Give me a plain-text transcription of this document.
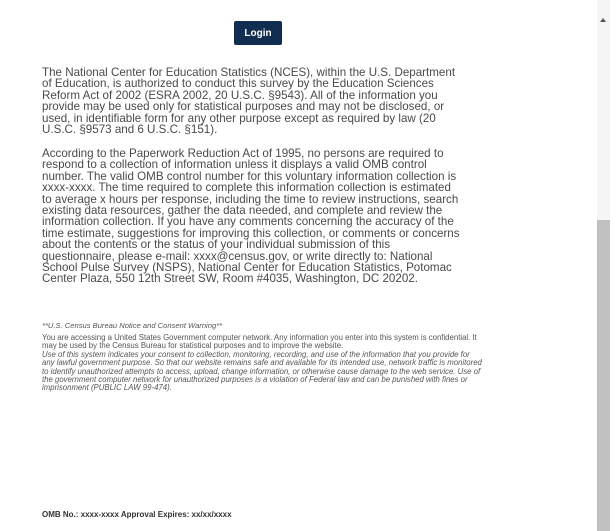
Login

The National Center for Education Statistics (NCES), within the U.S. Department of Education, is authorized to conduct this survey by the Education Sciences Reform Act of 2002 (ESRA 2002, 20 U.S.C. §9543). All of the information you provide may be used only for statistical purposes and may not be disclosed, or used, in identifiable form for any other purpose except as required by law (20 U.S.C. §9573 and 6 U.S.C. §151).

According to the Paperwork Reduction Act of 1995, no persons are required to respond to a collection of information unless it displays a valid OMB control number. The valid OMB control number for this voluntary information collection is xxxx-xxxx. The time required to complete this information collection is estimated to average x hours per response, including the time to review instructions, search existing data resources, gather the data needed, and complete and review the information collection. If you have any comments concerning the accuracy of the time estimate, suggestions for improving this collection, or comments or concerns about the contents or the status of your individual submission of this questionnaire, please e-mail: xxxx@census.gov, or write directly to: National School Pulse Survey (NSPS), National Center for Education Statistics, Potomac Center Plaza, 550 12th Street SW, Room #4035, Washington, DC 20202.

**U.S. Census Bureau Notice and Consent Warning**
You are accessing a United States Government computer network. Any information you enter into this system is confidential. It may be used by the Census Bureau for statistical purposes and to improve the website.
Use of this system indicates your consent to collection, monitoring, recording, and use of the information that you provide for any lawful government purpose. So that our website remains safe and available for its intended use, network traffic is monitored to identify unauthorized attempts to access, upload, change information, or otherwise cause damage to the web service. Use of the government computer network for unauthorized purposes is a violation of Federal law and can be punished with fines or imprisonment (PUBLIC LAW 99-474).
OMB No.: xxxx-xxxx Approval Expires: xx/xx/xxxx
